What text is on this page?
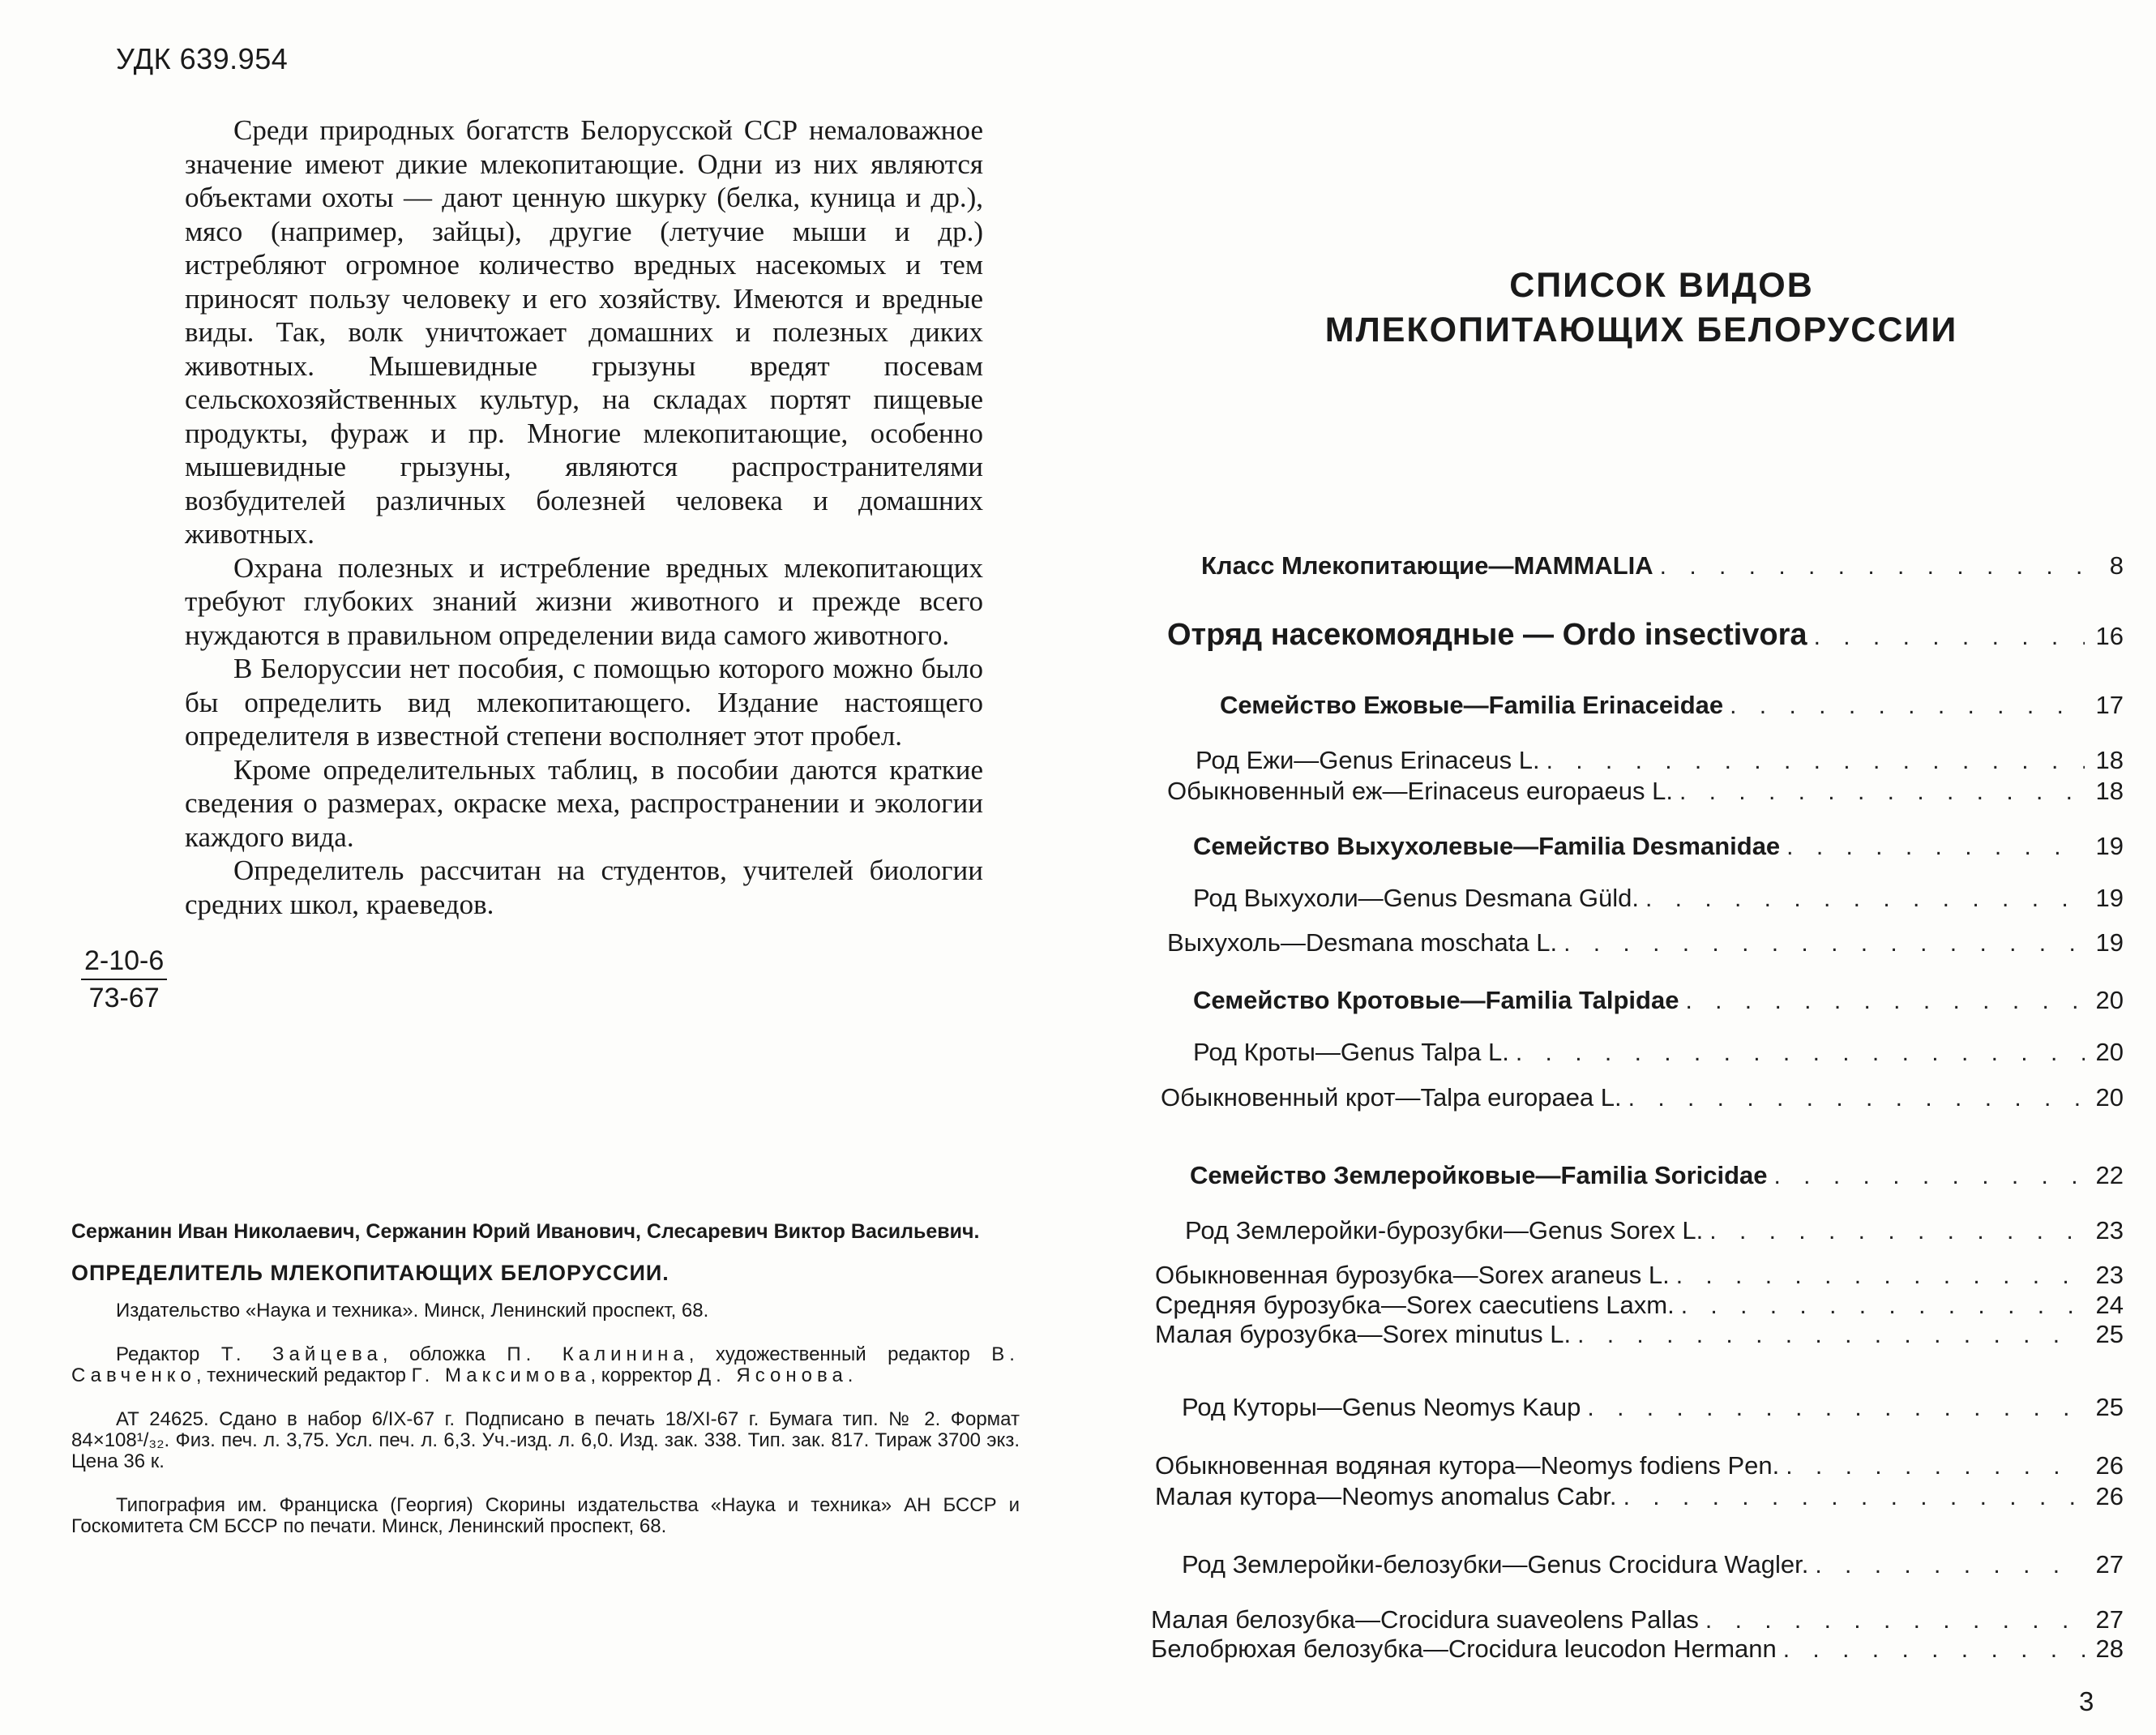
УДК 639.954

Среди природных богатств Белорусской ССР немаловажное значение имеют дикие млекопитающие. Одни из них являются объектами охоты — дают ценную шкурку (белка, куница и др.), мясо (например, зайцы), другие (летучие мыши и др.) истребляют огромное количество вредных насекомых и тем приносят пользу человеку и его хозяйству. Имеются и вредные виды. Так, волк уничтожает домашних и полезных диких животных. Мышевидные грызуны вредят посевам сельскохозяйственных культур, на складах портят пищевые продукты, фураж и пр. Многие млекопитающие, особенно мышевидные грызуны, являются распространителями возбудителей различных болезней человека и домашних животных.

Охрана полезных и истребление вредных млекопитающих требуют глубоких знаний жизни животного и прежде всего нуждаются в правильном определении вида самого животного.

В Белоруссии нет пособия, с помощью которого можно было бы определить вид млекопитающего. Издание настоящего определителя в известной степени восполняет этот пробел.

Кроме определительных таблиц, в пособии даются краткие сведения о размерах, окраске меха, распространении и экологии каждого вида.

Определитель рассчитан на студентов, учителей биологии средних школ, краеведов.

2-10-6
73-67

Сержанин Иван Николаевич, Сержанин Юрий Иванович, Слесаревич Виктор Васильевич.

ОПРЕДЕЛИТЕЛЬ МЛЕКОПИТАЮЩИХ БЕЛОРУССИИ.

Издательство «Наука и техника». Минск, Ленинский проспект, 68.

Редактор Т. Зайцева, обложка П. Калинина, художественный редактор В. Савченко, технический редактор Г. Максимова, корректор Д. Ясонова.

АТ 24625. Сдано в набор 6/IX-67 г. Подписано в печать 18/XI-67 г. Бумага тип. № 2. Формат 84×108¹/₃₂. Физ. печ. л. 3,75. Усл. печ. л. 6,3. Уч.-изд. л. 6,0. Изд. зак. 338. Тип. зак. 817. Тираж 3700 экз. Цена 36 к.

Типография им. Франциска (Георгия) Скорины издательства «Наука и техника» АН БССР и Госкомитета СМ БССР по печати. Минск, Ленинский проспект, 68.

СПИСОК ВИДОВ
МЛЕКОПИТАЮЩИХ БЕЛОРУССИИ
Класс Млекопитающие—MAMMALIA . . .	8
Отряд насекомоядные — Ordo insectivora . . .	16
Семейство Ежовые—Familia Erinaceidae . . .	17
Род Ежи—Genus Erinaceus L. . . .	18
Обыкновенный еж—Erinaceus europaeus L. . . .	18
Семейство Выхухолевые—Familia Desmanidae . . .	19
Род Выхухоли—Genus Desmana Güld. . . .	19
Выхухоль—Desmana moschata L. . . .	19
Семейство Кротовые—Familia Talpidae . . .	20
Род Кроты—Genus Talpa L. . . .	20
Обыкновенный крот—Talpa europaea L. . . .	20
Семейство Землеройковые—Familia Soricidae . . .	22
Род Землеройки-бурозубки—Genus Sorex L. . . .	23
Обыкновенная бурозубка—Sorex araneus L. . . .	23
Средняя бурозубка—Sorex caecutiens Laxm. . . .	24
Малая бурозубка—Sorex minutus L. . . .	25
Род Куторы—Genus Neomys Kaup . . .	25
Обыкновенная водяная кутора—Neomys fodiens Pen. . . .	26
Малая кутора—Neomys anomalus Cabr. . . .	26
Род Землеройки-белозубки—Genus Crocidura Wagler. . . .	27
Малая белозубка—Crocidura suaveolens Pallas . . .	27
Белобрюхая белозубка—Crocidura leucodon Hermann . . .	28
3
